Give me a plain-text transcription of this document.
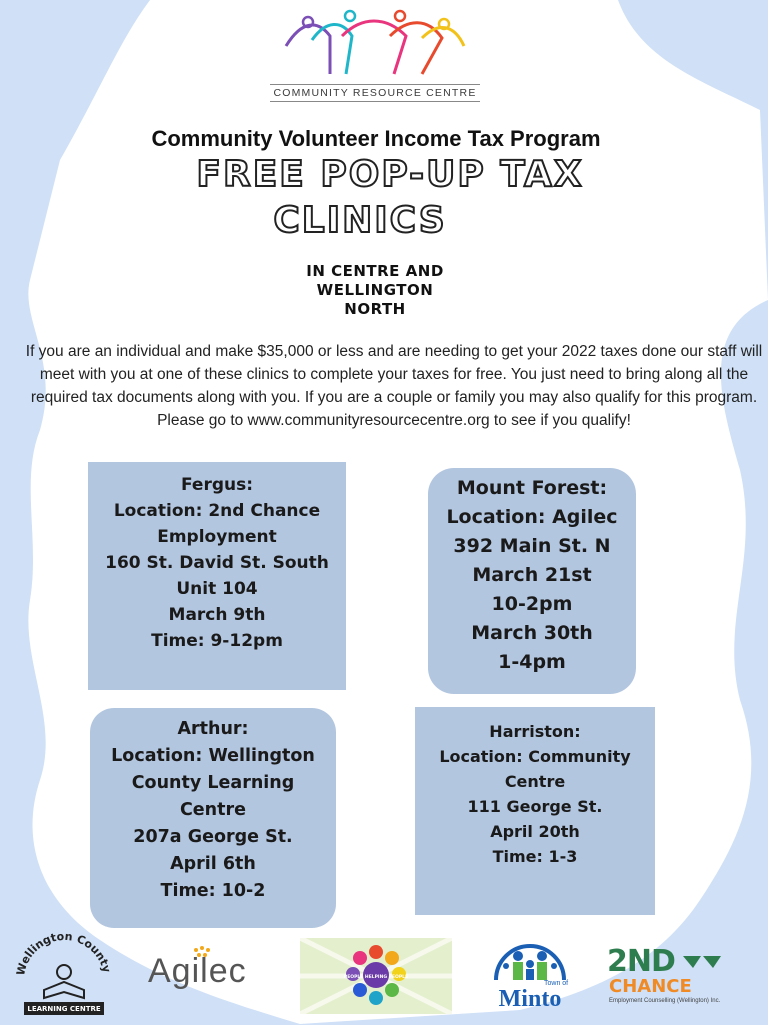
COMMUNITY RESOURCE CENTRE
Community Volunteer Income Tax Program
FREE POP-UP TAX
CLINICS
IN CENTRE AND
WELLINGTON
NORTH
If you are an individual and make $35,000 or less and are needing to get your 2022 taxes done our staff will meet with you at one of these clinics to complete your taxes for free. You just need to bring along all the required tax documents along with you. If you are a couple or family you may also qualify for this program. Please go to www.communityresourcecentre.org to see if you qualify!
Fergus:
Location: 2nd Chance
Employment
160 St. David St. South
Unit 104
March 9th
Time: 9-12pm
Mount Forest:
Location: Agilec
392 Main St. N
March 21st
10-2pm
March 30th
1-4pm
Arthur:
Location: Wellington
County Learning
Centre
207a George St.
April 6th
Time: 10-2
Harriston:
Location: Community
Centre
111 George St.
April 20th
Time: 1-3
Wellington County
LEARNING CENTRE
Agilec	PEOPLE HELPING PEOPLE
Town of
Minto
2ND
CHANCE
Employment Counselling (Wellington) Inc.
